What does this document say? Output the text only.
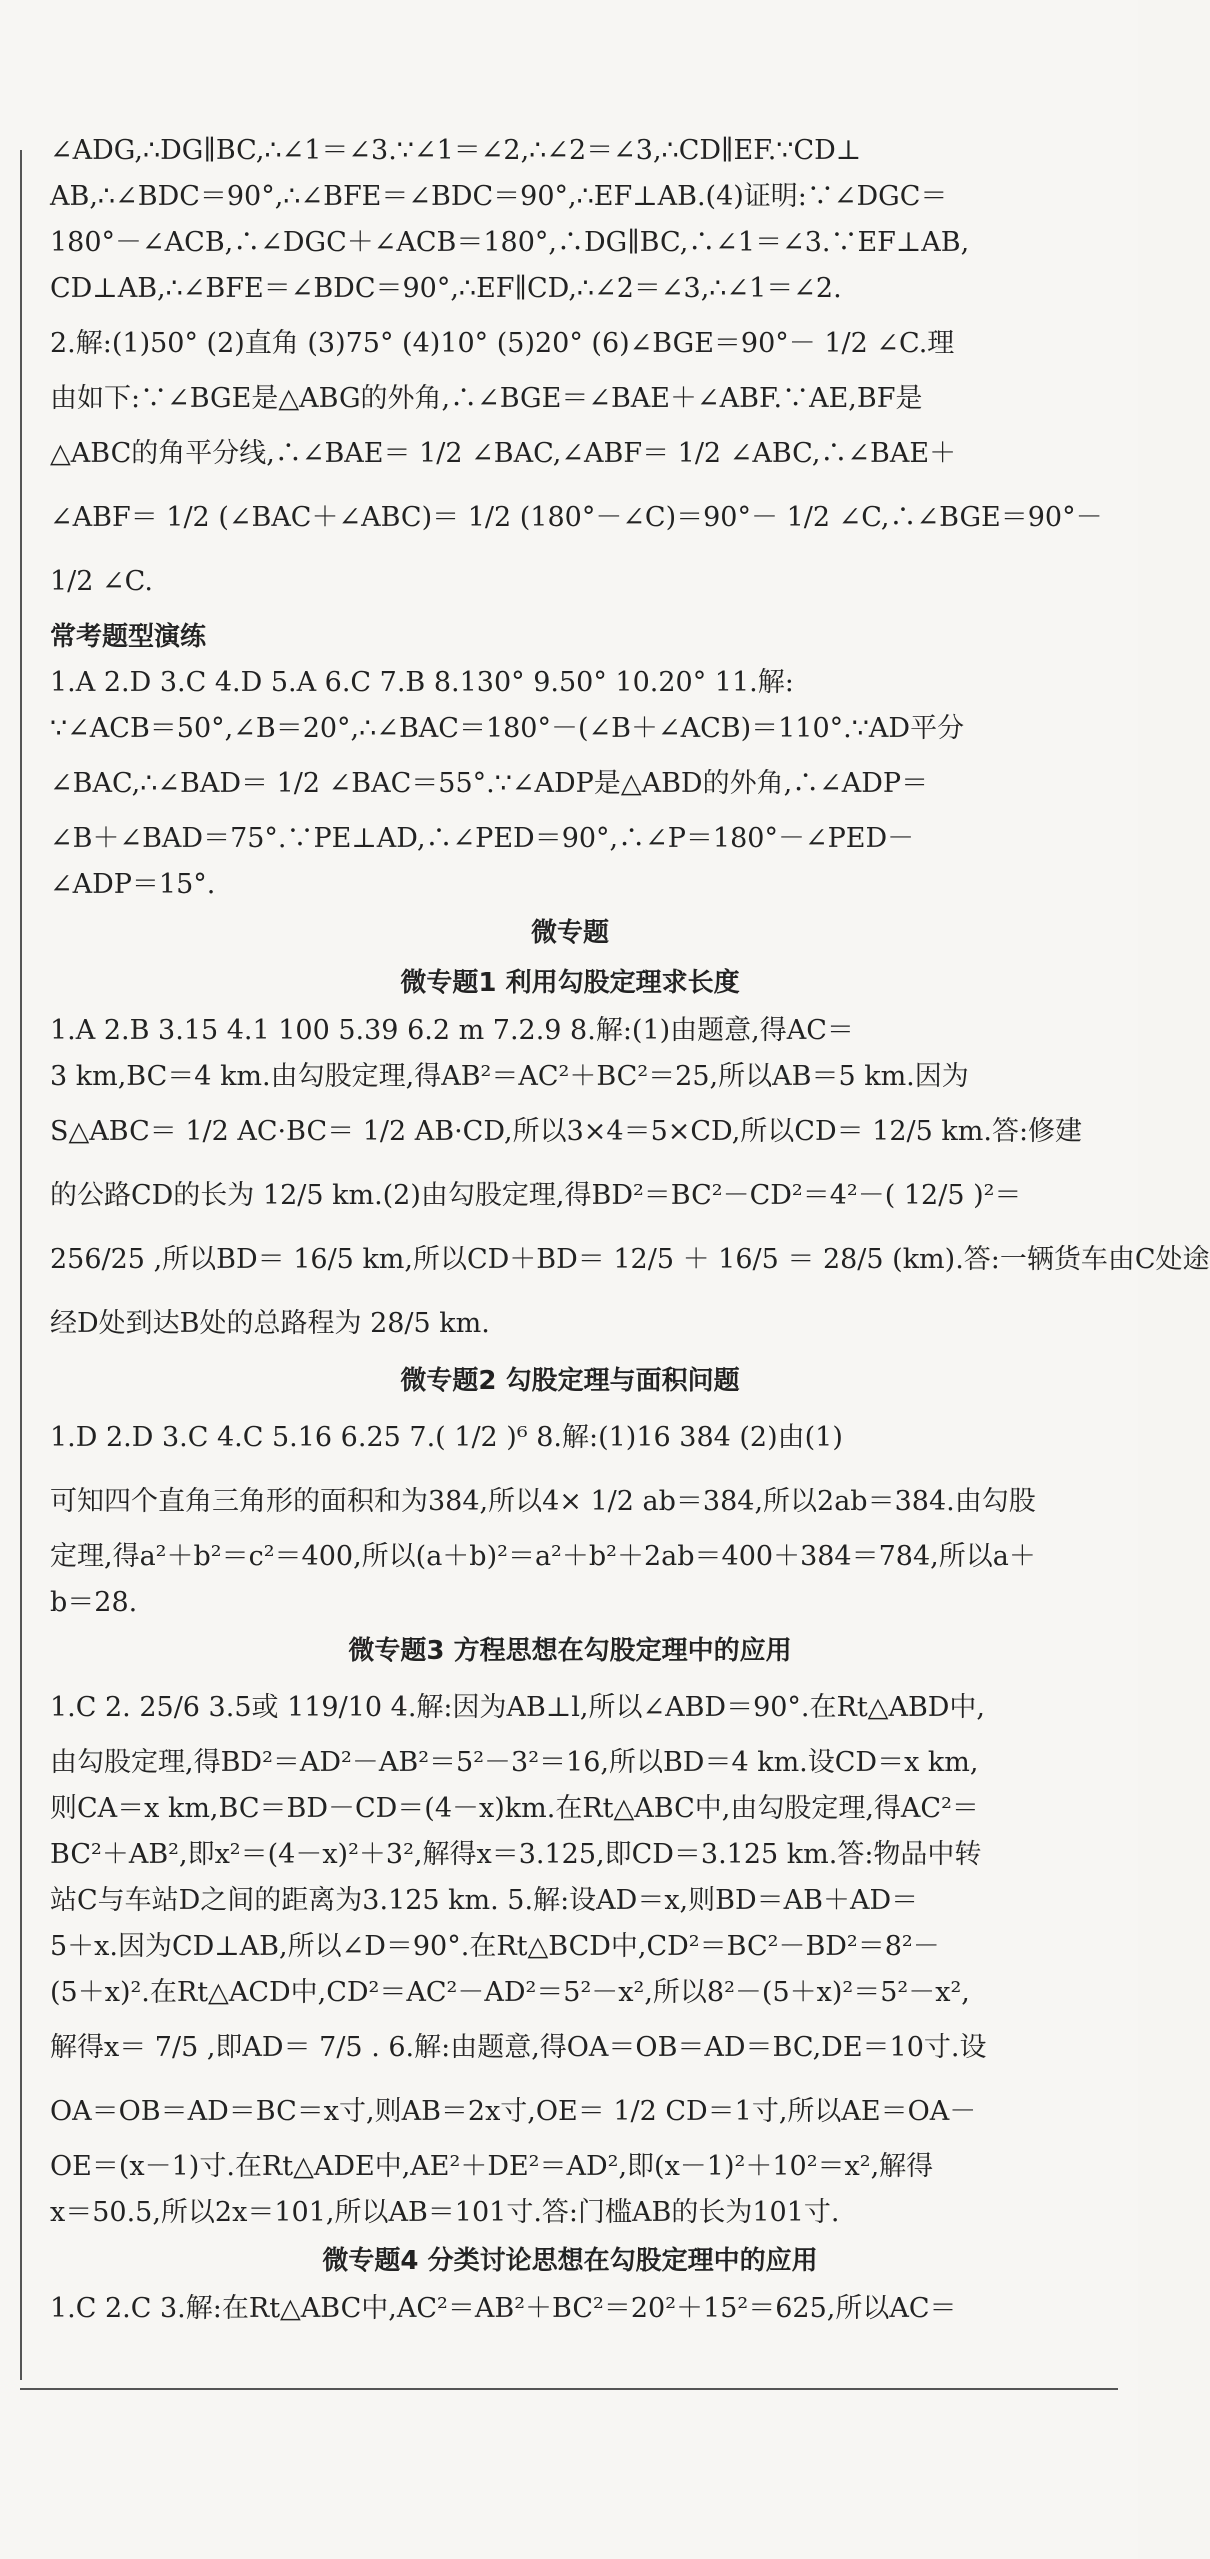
∠ADG,∴DG∥BC,∴∠1＝∠3.∵∠1＝∠2,∴∠2＝∠3,∴CD∥EF.∵CD⊥
AB,∴∠BDC＝90°,∴∠BFE＝∠BDC＝90°,∴EF⊥AB.(4)证明:∵∠DGC＝
180°－∠ACB,∴∠DGC＋∠ACB＝180°,∴DG∥BC,∴∠1＝∠3.∵EF⊥AB,
CD⊥AB,∴∠BFE＝∠BDC＝90°,∴EF∥CD,∴∠2＝∠3,∴∠1＝∠2.
2.解:(1)50° (2)直角 (3)75° (4)10° (5)20° (6)∠BGE＝90°－ 1/2 ∠C.理
由如下:∵∠BGE是△ABG的外角,∴∠BGE＝∠BAE＋∠ABF.∵AE,BF是
△ABC的角平分线,∴∠BAE＝ 1/2 ∠BAC,∠ABF＝ 1/2 ∠ABC,∴∠BAE＋
∠ABF＝ 1/2 (∠BAC＋∠ABC)＝ 1/2 (180°－∠C)＝90°－ 1/2 ∠C,∴∠BGE＝90°－
1/2 ∠C.
常考题型演练
1.A 2.D 3.C 4.D 5.A 6.C 7.B 8.130° 9.50° 10.20° 11.解:
∵∠ACB＝50°,∠B＝20°,∴∠BAC＝180°－(∠B＋∠ACB)＝110°.∵AD平分
∠BAC,∴∠BAD＝ 1/2 ∠BAC＝55°.∵∠ADP是△ABD的外角,∴∠ADP＝
∠B＋∠BAD＝75°.∵PE⊥AD,∴∠PED＝90°,∴∠P＝180°－∠PED－
∠ADP＝15°.
微专题
微专题1 利用勾股定理求长度
1.A 2.B 3.15 4.1 100 5.39 6.2 m 7.2.9 8.解:(1)由题意,得AC＝
3 km,BC＝4 km.由勾股定理,得AB²＝AC²＋BC²＝25,所以AB＝5 km.因为
S△ABC＝ 1/2 AC·BC＝ 1/2 AB·CD,所以3×4＝5×CD,所以CD＝ 12/5 km.答:修建
的公路CD的长为 12/5 km.(2)由勾股定理,得BD²＝BC²－CD²＝4²－( 12/5 )²＝
256/25 ,所以BD＝ 16/5 km,所以CD＋BD＝ 12/5 ＋ 16/5 ＝ 28/5 (km).答:一辆货车由C处途
经D处到达B处的总路程为 28/5 km.
微专题2 勾股定理与面积问题
1.D 2.D 3.C 4.C 5.16 6.25 7.( 1/2 )⁶ 8.解:(1)16 384 (2)由(1)
可知四个直角三角形的面积和为384,所以4× 1/2 ab＝384,所以2ab＝384.由勾股
定理,得a²＋b²＝c²＝400,所以(a＋b)²＝a²＋b²＋2ab＝400＋384＝784,所以a＋
b＝28.
微专题3 方程思想在勾股定理中的应用
1.C 2. 25/6 3.5或 119/10 4.解:因为AB⊥l,所以∠ABD＝90°.在Rt△ABD中,
由勾股定理,得BD²＝AD²－AB²＝5²－3²＝16,所以BD＝4 km.设CD＝x km,
则CA＝x km,BC＝BD－CD＝(4－x)km.在Rt△ABC中,由勾股定理,得AC²＝
BC²＋AB²,即x²＝(4－x)²＋3²,解得x＝3.125,即CD＝3.125 km.答:物品中转
站C与车站D之间的距离为3.125 km. 5.解:设AD＝x,则BD＝AB＋AD＝
5＋x.因为CD⊥AB,所以∠D＝90°.在Rt△BCD中,CD²＝BC²－BD²＝8²－
(5＋x)².在Rt△ACD中,CD²＝AC²－AD²＝5²－x²,所以8²－(5＋x)²＝5²－x²,
解得x＝ 7/5 ,即AD＝ 7/5 . 6.解:由题意,得OA＝OB＝AD＝BC,DE＝10寸.设
OA＝OB＝AD＝BC＝x寸,则AB＝2x寸,OE＝ 1/2 CD＝1寸,所以AE＝OA－
OE＝(x－1)寸.在Rt△ADE中,AE²＋DE²＝AD²,即(x－1)²＋10²＝x²,解得
x＝50.5,所以2x＝101,所以AB＝101寸.答:门槛AB的长为101寸.
微专题4 分类讨论思想在勾股定理中的应用
1.C 2.C 3.解:在Rt△ABC中,AC²＝AB²＋BC²＝20²＋15²＝625,所以AC＝
